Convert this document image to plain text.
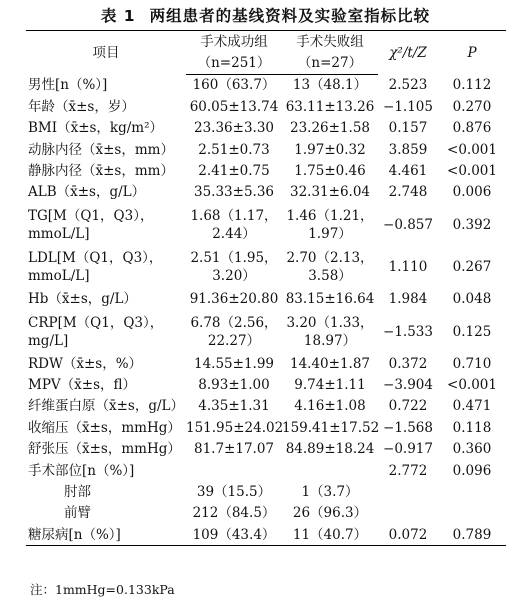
表 1 两组患者的基线资料及实验室指标比较
项目	手术成功组	手术失败组	χ²/t/Z	P
	（n=251）	（n=27）		
男性[n（%）]	160（63.7）	13（48.1）	2.523	0.112
年龄（x̄±s，岁）	60.05±13.74	63.11±13.26	−1.105	0.270
BMI（x̄±s，kg/m²）	23.36±3.30	23.26±1.58	0.157	0.876
动脉内径（x̄±s，mm）	2.51±0.73	1.97±0.32	3.859	<0.001
静脉内径（x̄±s，mm）	2.41±0.75	1.75±0.46	4.461	<0.001
ALB（x̄±s，g/L）	35.33±5.36	32.31±6.04	2.748	0.006
TG[M（Q1，Q3），
mmoL/L]	1.68（1.17，
2.44）	1.46（1.21，
1.97）	−0.857	0.392
LDL[M（Q1，Q3），
mmoL/L]	2.51（1.95，
3.20）	2.70（2.13，
3.58）	1.110	0.267
Hb（x̄±s，g/L）	91.36±20.80	83.15±16.64	1.984	0.048
CRP[M（Q1，Q3），mg/L]	6.78（2.56，
22.27）	3.20（1.33，
18.97）	−1.533	0.125
RDW（x̄±s，%）	14.55±1.99	14.40±1.87	0.372	0.710
MPV（x̄±s，fl）	8.93±1.00	9.74±1.11	−3.904	<0.001
纤维蛋白原（x̄±s，g/L）	4.35±1.31	4.16±1.08	0.722	0.471
收缩压（x̄±s，mmHg）	151.95±24.02	159.41±17.52	−1.568	0.118
舒张压（x̄±s，mmHg）	81.7±17.07	84.89±18.24	−0.917	0.360
手术部位[n（%）]			2.772	0.096
肘部	39（15.5）	1（3.7）		
前臂	212（84.5）	26（96.3）		
糖尿病[n（%）]	109（43.4）	11（40.7）	0.072	0.789
注：1mmHg=0.133kPa
